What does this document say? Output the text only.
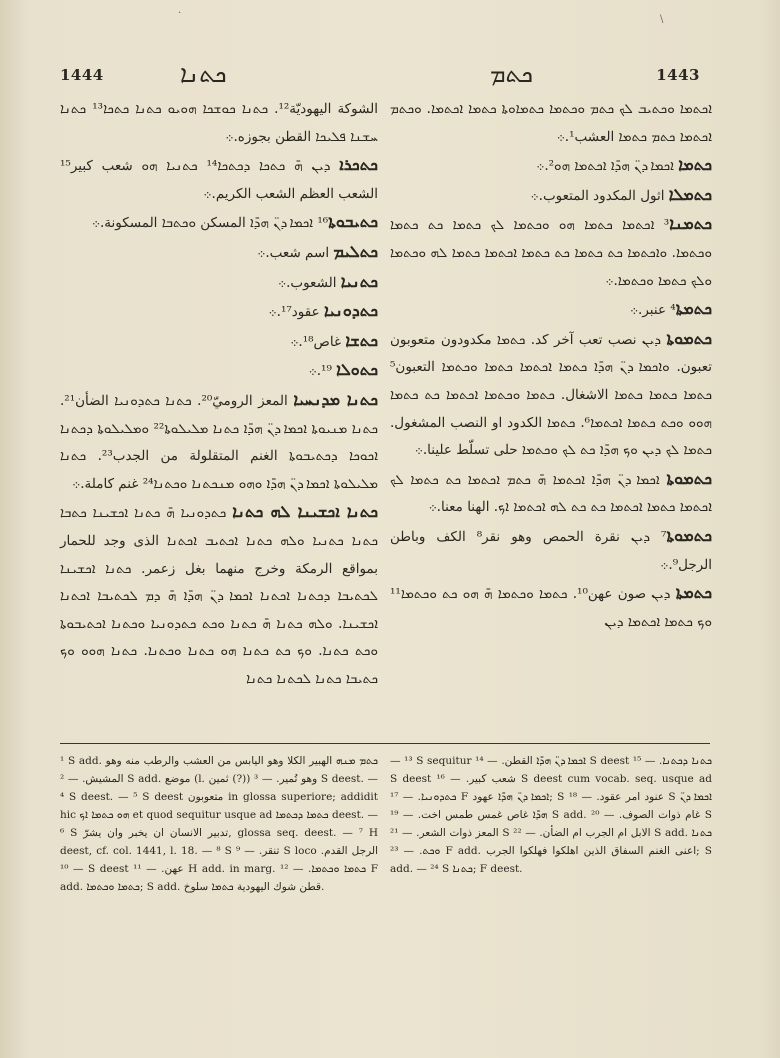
·
\
1444	ܟܬܢܐ	ܟܬܡ	1443

الشوكة اليهوديّة¹². ܟܬܢܐ ܟܘܫܟܐ ܗܘܝܘ ܟܬܢܐ ܟܬܟܐ¹³ ܟܬܢܐ ܚܫܢܐ ܦܠܝܟܐ القطن بجوزه.܀

ܟܬܟܪܐ ܕܝܢ ܗ̄ ܟܬܟܐ ܕܟܬܟܐ¹⁴ ܟܬܢܝܐ ܗܘ شعب كبير¹⁵ الشعب العظم الشعب الكريم.܀

ܟܬܝܒܘܬܐ¹⁶ ܐܟܡܐ ܕܢ̈ ܗܕ̄ܐ المسكن ܘܟܬܒܐ المسكونة.܀

ܟܬܠܝܡ اسم شعب.܀

ܟܬܢܝܐ الشعوب.܀

ܟܬܕܘܢܝܐ عقود¹⁷.܀

ܟܬܫܐ غاص¹⁸.܀

ܟܬܘܠܐ ¹⁹.܀

ܟܬܢܐ ܡܕܢܚܝܐ المعز الروميّ²⁰. ܟܬܢܐ ܟܬܕܘܢܝܐ الضأن²¹. ܟܬܢܐ ܡܢܝܘܬܐ ܐܟܡܐ ܕܢ̈ ܗܕ̄ܐ ܟܬܢܐ ܡܠܝܠܘܬܐ²² ܘܡܠܝܠܘܬܐ ܕܟܬܢܐ ܐܟܘܟܐ ܕܟܬܝܒܘܬܐ الغنم المتقلولة من الجدب²³. ܟܬܢܐ ܡܠܝܠܘܬܐ ܐܟܡܐ ܕܢ̈ ܗܕ̄ܐ ܘܗܘ ܡܢܟܬܢܐ ܘܟܬܢܐ²⁴ غنم كاملة.܀

ܟܬܢܐ ܐܟܫܝܢܐ ܠܗ ܟܬܢܐ ܟܬܕܘܢܝܐ ܗ̄ ܟܬܢܐ ܐܟܫܝܢܐ ܟܬܒܐ ܟܬܢܐ ܟܬܢܝܐ ܘܠܗ ܟܬܢܐ ܐܟܬܝܒ ܐܟܬܢܐ الذى وجد للحمار بمواقع الرمكة وخرج منهما بغل زعمر. ܟܬܢܐ ܐܟܫܝܢܐ ܠܟܬܝܒܐ ܕܟܬܢܐ ܐܟܬܢܐ ܐܟܡܐ ܕܢ̈ ܗܕ̄ܐ ܗ̄ ܕܡ ܠܟܬܝܒܐ ܐܟܬܢܐ ܐܟܫܝܢܐ. ܘܠܗ ܟܬܢܐ ܗ̄ ܟܬܢܐ ܘܟܬ ܟܬܕܘܢܝܐ ܘܟܬܢܐ ܐܟܬܝܒܘܬܐ ܘܟܬ ܟܬܢܐ. ܘܟ ܟܬ ܟܬܢܐ ܗܘ ܟܬܢܐ ܘܟܬܢܐ. ܟܬܢܐ ܗܘܘ ܘܟ ܟܬܝܒܐ ܟܬܢܐ ܠܟܬܢܐ ܟܬܢܐ

ܐܟܬܡܐ ܘܟܬܝܒ ܠܟ ܟܬܡ ܘܟܬܡܐ ܟܬܡܐܘܬܐ ܟܬܡܐ ܐܟܬܡܐ. ܘܟܬܡ ܐܟܬܡܐ ܟܬܡ ܟܬܡܐ العشب¹.܀

ܟܬܡܐ ܐܟܡܐ ܕܢ̈ ܗܕ̄ܐ ܐܟܬܡܐ ܗܘ².܀

ܟܬܡܠܐ اثول المكدود المتعوب.܀

ܟܬܡܢܐ³ ܐܟܬܡܐ ܟܬܡܐ ܗܘ ܘܟܬܡܐ ܠܟ ܟܬܡܐ ܟܬ ܟܬܡܐ ܘܟܬܡܐ. ܘܐܟܬܡܐ ܟܬ ܟܬܡܐ ܟܬ ܟܬܡܐ ܐܟܬܡܐ ܟܬܡܐ ܠܗ ܘܟܬܡܐ ܘܠܟ ܟܬܡܐ ܘܟܬܡܐ.܀

ܟܬܡܬܐ⁴ عنبر.܀

ܟܬܡܘܬܐ ܕܝܢ نصب تعب آخر كد. ܟܬܡܐ مكدودون متعوبون تعبون. ܘܐܟܡܐ ܕܢ̈ ܗܕ̄ܐ ܟܬܡܐ ܐܟܬܡܐ ܟܬܡܐ ܘܟܬܡܐ التعبون⁵ ܟܬܡܐ ܟܬܡܐ ܟܬܡܐ الاشغال. ܟܬܡܐ ܘܟܬܡܐ ܐܟܬܡܐ ܟܬ ܟܬܡܐ ܗܘܘ ܘܟܬ ܟܬܡܐ ܐܟܬܡܐ⁶. ܟܬܡܐ الكدود او النصب المشغول. ܟܬܡܐ ܠܟ ܕܝܢ ܘܟ ܗܕ̄ܐ ܟܬ ܠܟ ܘܟܬܡܐ حلى تسلّط علينا.܀

ܟܬܡܘܬܐ ܐܟܡܐ ܕܢ̈ ܗܕ̄ܐ ܐܟܬܡܐ ܗ̄ ܟܬܡ ܐܟܬܡܐ ܟܬ ܟܬܡܐ ܠܟ ܐܟܬܡܐ ܟܬܡܐ ܐܟܬܡܐ ܟܬ ܟܬ ܠܗ ܐܟܬܡܐ ܐܟ. الهنا معنا.܀

ܟܬܡܘܬܐ⁷ ܕܝܢ نقرة الحمص وهو نقر⁸ الكف وباطن الرجل⁹.܀

ܟܬܡܬܐ ܕܝܢ صون عهن¹⁰. ܟܬܡܐ ܘܟܬܡܐ ܗ̄ ܗܘ ܟܬ ܘܟܬܡܐ¹¹ ܘܟ ܟܬܡܐ ܐܟܬܡܐ ܕܝܢ

¹ S add. ܟܬܡ ܡܢܗ الهبير الكلا وهو اليابس من العشب والرطب منه وهو المشيش. — ² S add. موضع (l. ثمين (?)) وهو تُمير. — ³ S deest. — ⁴ S deest. — ⁵ S deest متعوبون in glossa superiore; addidit hic ܗܘ ܟܬܡܐ ܐܟ et quod sequitur usque ad ܟܬܡܐ ܕܟܬܡܐ deest. — ⁶ S تدبير الانسان ان يخبر وان يشرّ, glossa seq. deest. — ⁷ H deest, cf. col. 1441, l. 18. — ⁸ S تنقر. — ⁹ S loco الرجل القدم. — ¹⁰ S deest عهن. — ¹¹ H add. in marg. ܟܬܡܐ ܘܟܬܡܐ. — ¹² F add. ܟܬܡܐ ܘܟܬܡܐ; S add. قطن شوك اليهودية ܟܬܡܐ سلوخ.

— ¹³ S sequitur ܐܟܡܐ ܕܢ̈ ܗܕ̄ܐ القطن. — ¹⁴ S deest ܟܬܢܐ ܕܟܬܢܐ. — ¹⁵ S deest شعب كبير. — ¹⁶ S deest cum vocab. seq. usque ad ܟܬܕܘܢܝܐ. — ¹⁷ F ܐܟܡܐ ܕܢ̈ ܗܕ̄ܐ عهود; S عنود امر عقود. — ¹⁸ S ܐܟܡܐ ܕܢ̈ ܗܕ̄ܐ غاص غمس طمس اخت. — ¹⁹ S add. غام ذوات الصوف. — ²⁰ S المعز ذوات الشعر. — ²¹ S الابل ام الجرب ام الضأن. — ²² S add. ܟܬܢܐ ܘܟܬ. — ²³ F add. اعنى الغنم السفاق الذين اهلكوا فهلكوا الجرب; S add. — ²⁴ S ܟܬܢܐ; F deest.
